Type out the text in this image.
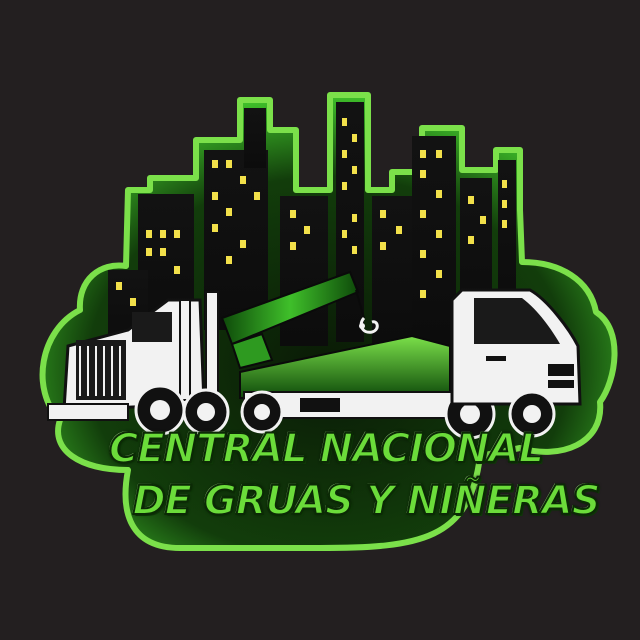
CENTRAL NACIONAL
DE GRUAS Y NIÑERAS
